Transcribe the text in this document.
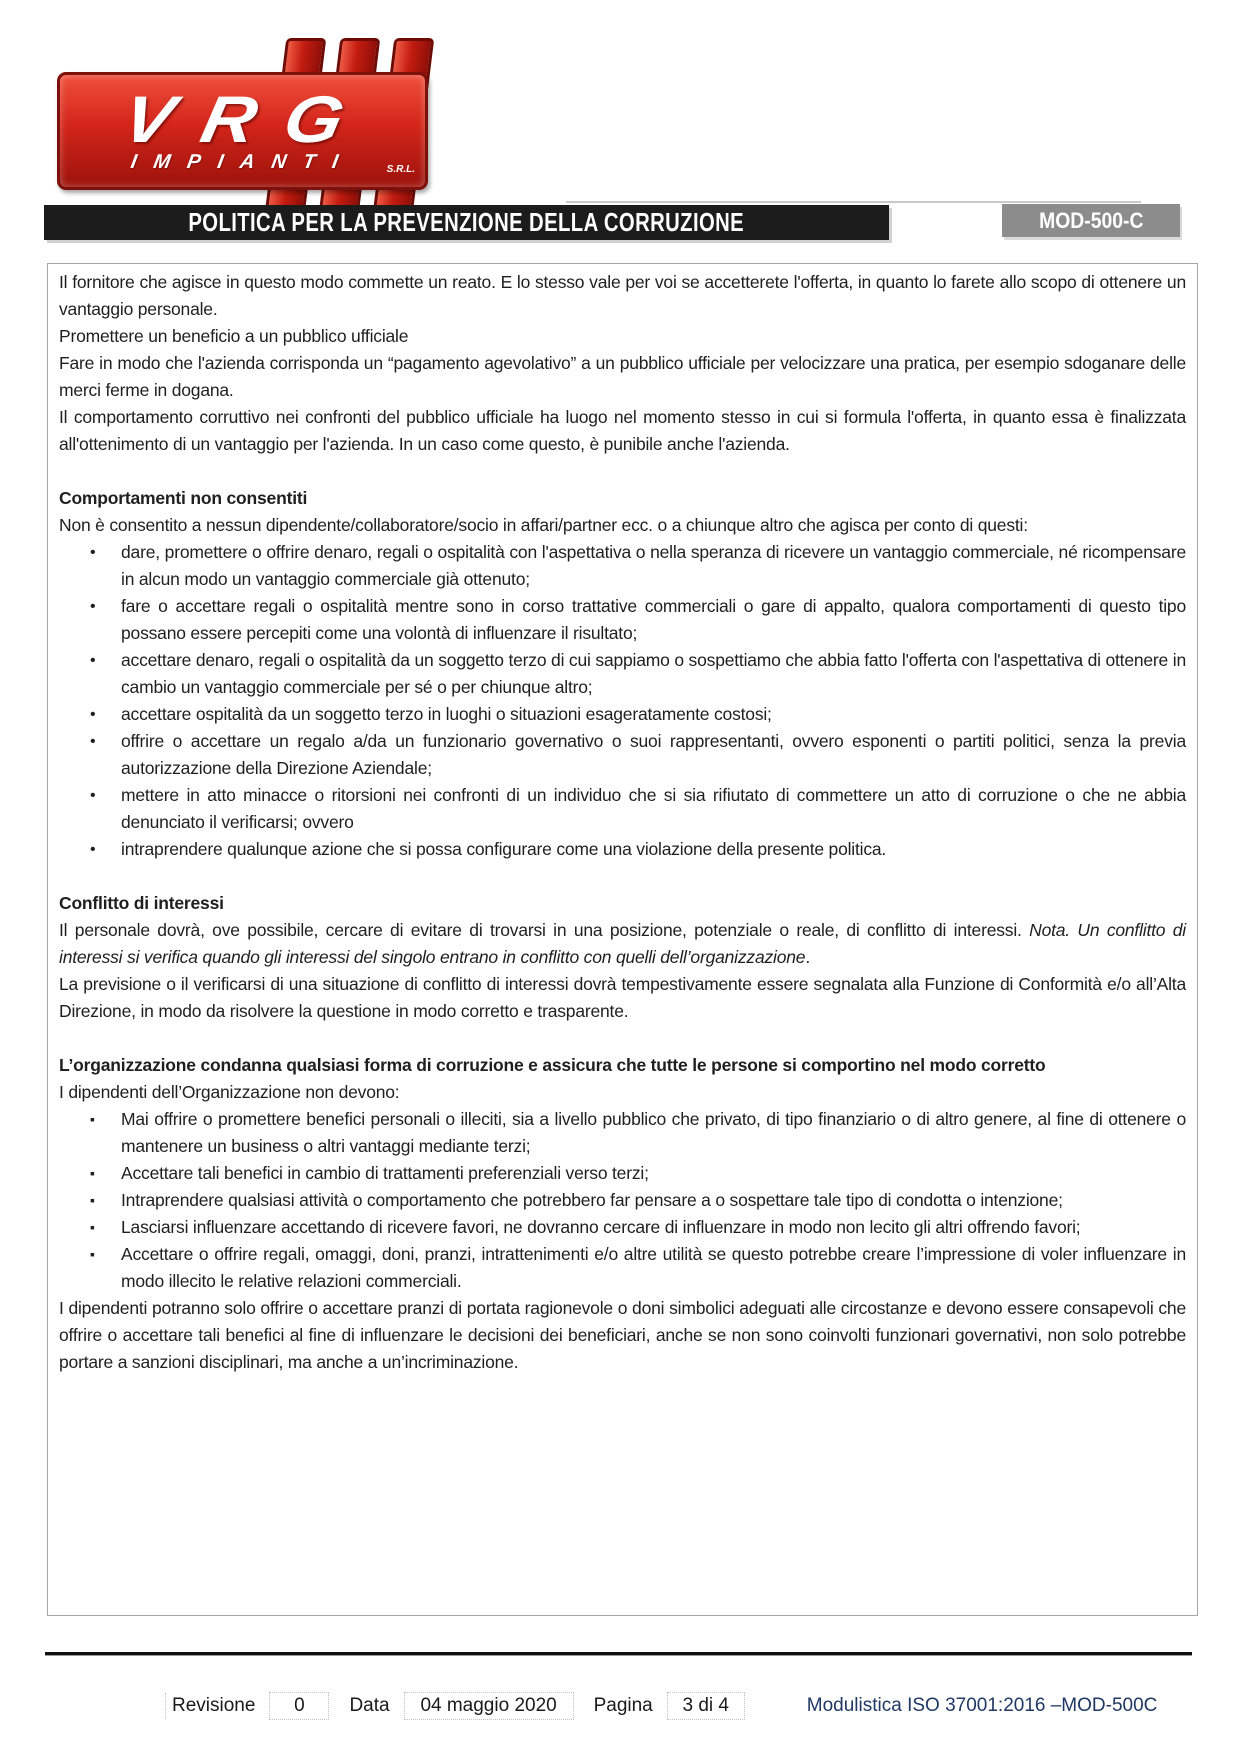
VRG
IMPIANTI	S.R.L.
POLITICA PER LA PREVENZIONE DELLA CORRUZIONE	MOD-500-C
Il fornitore che agisce in questo modo commette un reato. E lo stesso vale per voi se accetterete l'offerta, in quanto lo farete allo scopo di ottenere un vantaggio personale.
Promettere un beneficio a un pubblico ufficiale
Fare in modo che l'azienda corrisponda un “pagamento agevolativo” a un pubblico ufficiale per velocizzare una pratica, per esempio sdoganare delle merci ferme in dogana.
Il comportamento corruttivo nei confronti del pubblico ufficiale ha luogo nel momento stesso in cui si formula l'offerta, in quanto essa è finalizzata all'ottenimento di un vantaggio per l'azienda. In un caso come questo, è punibile anche l'azienda.
Comportamenti non consentiti
Non è consentito a nessun dipendente/collaboratore/socio in affari/partner ecc. o a chiunque altro che agisca per conto di questi:
• dare, promettere o offrire denaro, regali o ospitalità con l'aspettativa o nella speranza di ricevere un vantaggio commerciale, né ricompensare in alcun modo un vantaggio commerciale già ottenuto;
• fare o accettare regali o ospitalità mentre sono in corso trattative commerciali o gare di appalto, qualora comportamenti di questo tipo possano essere percepiti come una volontà di influenzare il risultato;
• accettare denaro, regali o ospitalità da un soggetto terzo di cui sappiamo o sospettiamo che abbia fatto l'offerta con l'aspettativa di ottenere in cambio un vantaggio commerciale per sé o per chiunque altro;
• accettare ospitalità da un soggetto terzo in luoghi o situazioni esageratamente costosi;
• offrire o accettare un regalo a/da un funzionario governativo o suoi rappresentanti, ovvero esponenti o partiti politici, senza la previa autorizzazione della Direzione Aziendale;
• mettere in atto minacce o ritorsioni nei confronti di un individuo che si sia rifiutato di commettere un atto di corruzione o che ne abbia denunciato il verificarsi; ovvero
• intraprendere qualunque azione che si possa configurare come una violazione della presente politica.
Conflitto di interessi
Il personale dovrà, ove possibile, cercare di evitare di trovarsi in una posizione, potenziale o reale, di conflitto di interessi. Nota. Un conflitto di interessi si verifica quando gli interessi del singolo entrano in conflitto con quelli dell’organizzazione.
La previsione o il verificarsi di una situazione di conflitto di interessi dovrà tempestivamente essere segnalata alla Funzione di Conformità e/o all’Alta Direzione, in modo da risolvere la questione in modo corretto e trasparente.
L’organizzazione condanna qualsiasi forma di corruzione e assicura che tutte le persone si comportino nel modo corretto
I dipendenti dell’Organizzazione non devono:
▪ Mai offrire o promettere benefici personali o illeciti, sia a livello pubblico che privato, di tipo finanziario o di altro genere, al fine di ottenere o mantenere un business o altri vantaggi mediante terzi;
▪ Accettare tali benefici in cambio di trattamenti preferenziali verso terzi;
▪ Intraprendere qualsiasi attività o comportamento che potrebbero far pensare a o sospettare tale tipo di condotta o intenzione;
▪ Lasciarsi influenzare accettando di ricevere favori, ne dovranno cercare di influenzare in modo non lecito gli altri offrendo favori;
▪ Accettare o offrire regali, omaggi, doni, pranzi, intrattenimenti e/o altre utilità se questo potrebbe creare l’impressione di voler influenzare in modo illecito le relative relazioni commerciali.
I dipendenti potranno solo offrire o accettare pranzi di portata ragionevole o doni simbolici adeguati alle circostanze e devono essere consapevoli che offrire o accettare tali benefici al fine di influenzare le decisioni dei beneficiari, anche se non sono coinvolti funzionari governativi, non solo potrebbe portare a sanzioni disciplinari, ma anche a un’incriminazione.
Revisione	0	Data	04 maggio 2020	Pagina	3 di 4	Modulistica ISO 37001:2016 –MOD-500C
